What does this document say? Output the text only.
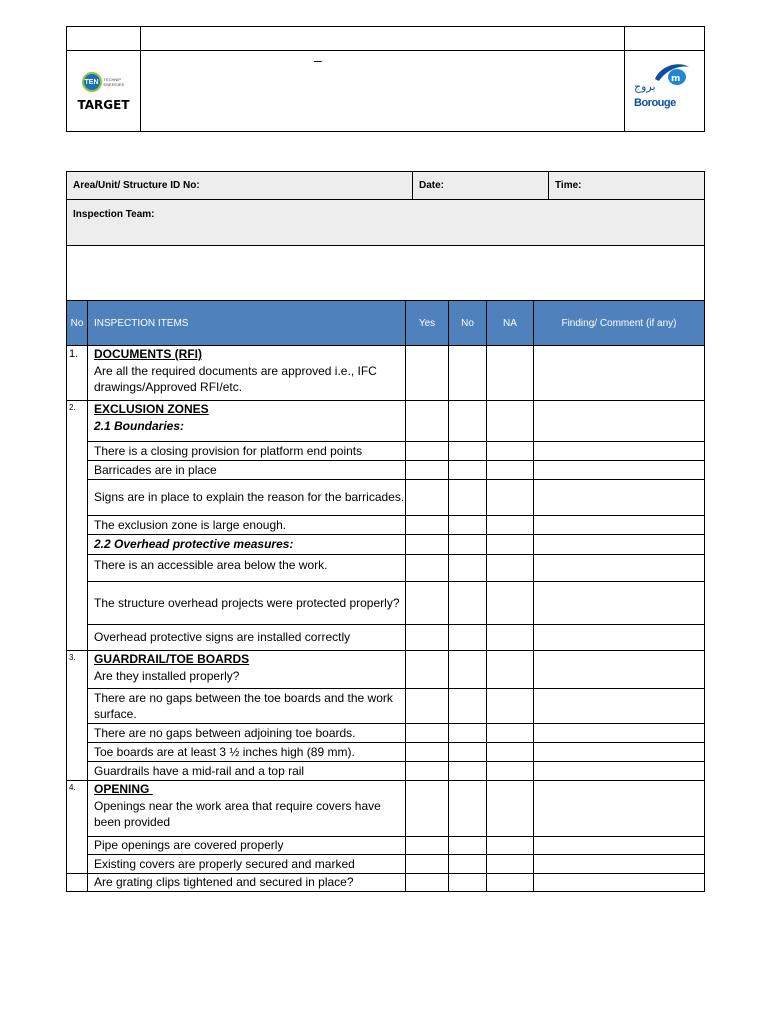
TEN TECHNIP ENERGIES
TARGET		m
–
بروج
Borouge
Area/Unit/ Structure ID No:	Date:	Time:
Inspection Team:

No	INSPECTION ITEMS	Yes	No	NA	Finding/ Comment (if any)
1.	DOCUMENTS (RFI)
Are all the required documents are approved i.e., IFC drawings/Approved RFI/etc.				

2.	EXCLUSION ZONES
2.1 Boundaries:				

	There is a closing provision for platform end points				
	Barricades are in place				
	Signs are in place to explain the reason for the barricades.				
	The exclusion zone is large enough.				
	2.2 Overhead protective measures:				
	There is an accessible area below the work.				
	The structure overhead projects were protected properly?				
	Overhead protective signs are installed correctly				
3.	GUARDRAIL/TOE BOARDS
Are they installed properly?				

	There are no gaps between the toe boards and the work surface.				
	There are no gaps between adjoining toe boards.				
	Toe boards are at least 3 ½ inches high (89 mm).				
	Guardrails have a mid-rail and a top rail				
4.	OPENING
Openings near the work area that require covers have been provided				

	Pipe openings are covered properly				
	Existing covers are properly secured and marked				
	Are grating clips tightened and secured in place?				
